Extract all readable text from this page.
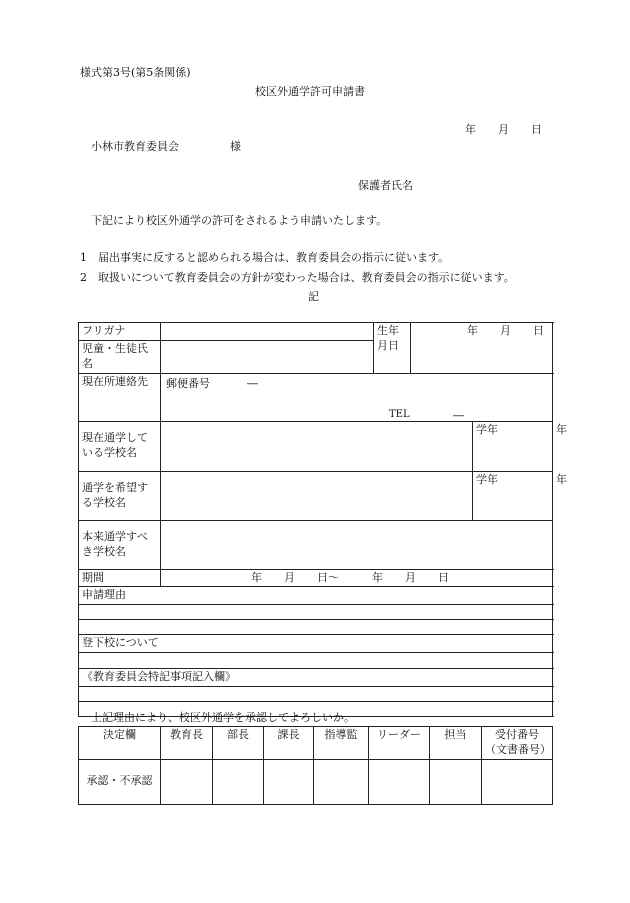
様式第3号(第5条関係)
校区外通学許可申請書
年　　月　　日
小林市教育委員会	様
保護者氏名
下記により校区外通学の許可をされるよう申請いたします。
1　届出事実に反すると認められる場合は、教育委員会の指示に従います。
2　取扱いについて教育委員会の方針が変わった場合は、教育委員会の指示に従います。
記
フリガナ		生年月日	年　　月　　日		
児童・生徒氏名					
現在所連絡先	郵便番号 ―
TEL ―				

現在通学している学校名				学年	年
通学を希望する学校名				学年	年
本来通学すべき学校名					
期間	年　　月　　日～　　　年　　月　　日				
申請理由					

登下校について					

《教育委員会特記事項記入欄》					

上記理由により、校区外通学を承認してよろしいか。
決定欄	教育長	部長	課長	指導監	リーダー	担当	受付番号
（文書番号）

承認・不承認							
